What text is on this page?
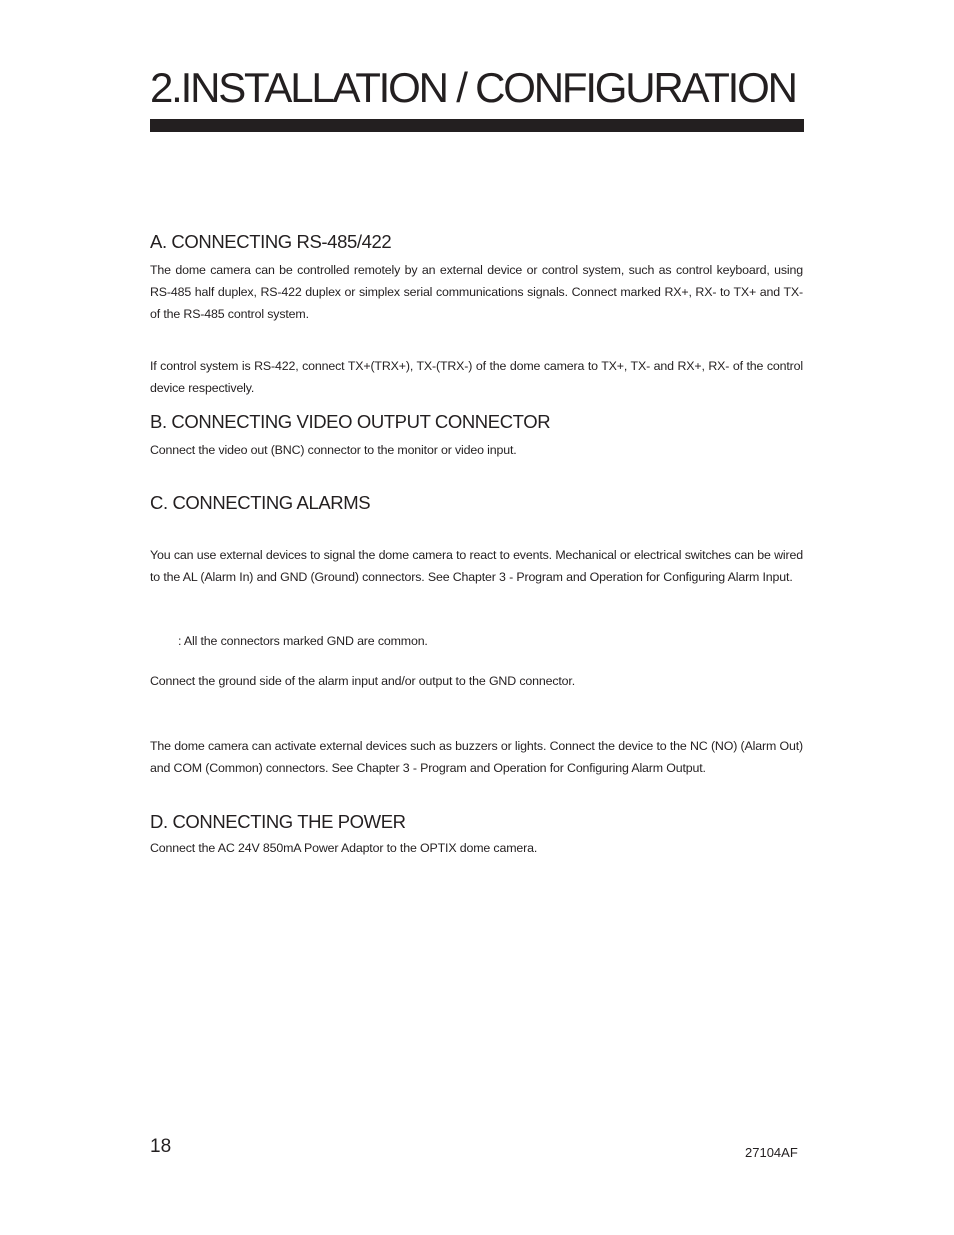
2.INSTALLATION / CONFIGURATION
A. CONNECTING RS-485/422

The dome camera can be controlled remotely by an external device or control system, such as control keyboard, using RS-485 half duplex, RS-422 duplex or simplex serial communications signals. Connect marked RX+, RX- to TX+ and TX- of the RS-485 control system.

If control system is RS-422, connect TX+(TRX+), TX-(TRX-) of the dome camera to TX+, TX- and RX+, RX- of the control device respectively.

B. CONNECTING VIDEO OUTPUT CONNECTOR

Connect the video out (BNC) connector to the monitor or video input.

C. CONNECTING ALARMS

You can use external devices to signal the dome camera to react to events. Mechanical or electrical switches can be wired to the AL (Alarm In) and GND (Ground) connectors. See Chapter 3 - Program and Operation for Configuring Alarm Input.

: All the connectors marked GND are common.

Connect the ground side of the alarm input and/or output to the GND connector.

The dome camera can activate external devices such as buzzers or lights. Connect the device to the NC (NO) (Alarm Out) and COM (Common) connectors. See Chapter 3 - Program and Operation for Configuring Alarm Output.

D. CONNECTING THE POWER

Connect the AC 24V 850mA Power Adaptor to the OPTIX dome camera.

18	27104AF
